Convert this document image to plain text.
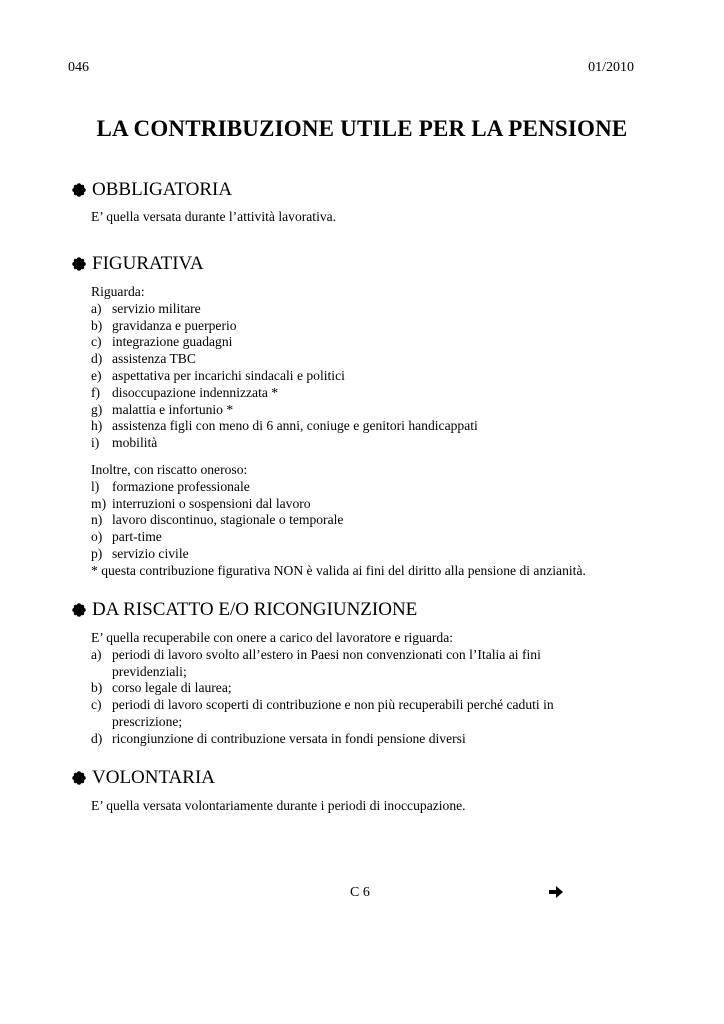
046	01/2010
LA CONTRIBUZIONE UTILE PER LA PENSIONE
OBBLIGATORIA
E’ quella versata durante l’attività lavorativa.
FIGURATIVA
Riguarda:
a) servizio militare
b) gravidanza e puerperio
c) integrazione guadagni
d) assistenza TBC
e) aspettativa per incarichi sindacali e politici
f) disoccupazione indennizzata *
g) malattia e infortunio *
h) assistenza figli con meno di 6 anni, coniuge e genitori handicappati
i) mobilità
Inoltre, con riscatto oneroso:
l) formazione professionale
m) interruzioni o sospensioni dal lavoro
n) lavoro discontinuo, stagionale o temporale
o) part-time
p) servizio civile
* questa contribuzione figurativa NON è valida ai fini del diritto alla pensione di anzianità.
DA RISCATTO E/O RICONGIUNZIONE
E’ quella recuperabile con onere a carico del lavoratore e riguarda:
a) periodi di lavoro svolto all’estero in Paesi non convenzionati con l’Italia ai fini previdenziali;
b) corso legale di laurea;
c) periodi di lavoro scoperti di contribuzione e non più recuperabili perché caduti in prescrizione;
d) ricongiunzione di contribuzione versata in fondi pensione diversi
VOLONTARIA
E’ quella versata volontariamente durante i periodi di inoccupazione.
C 6
